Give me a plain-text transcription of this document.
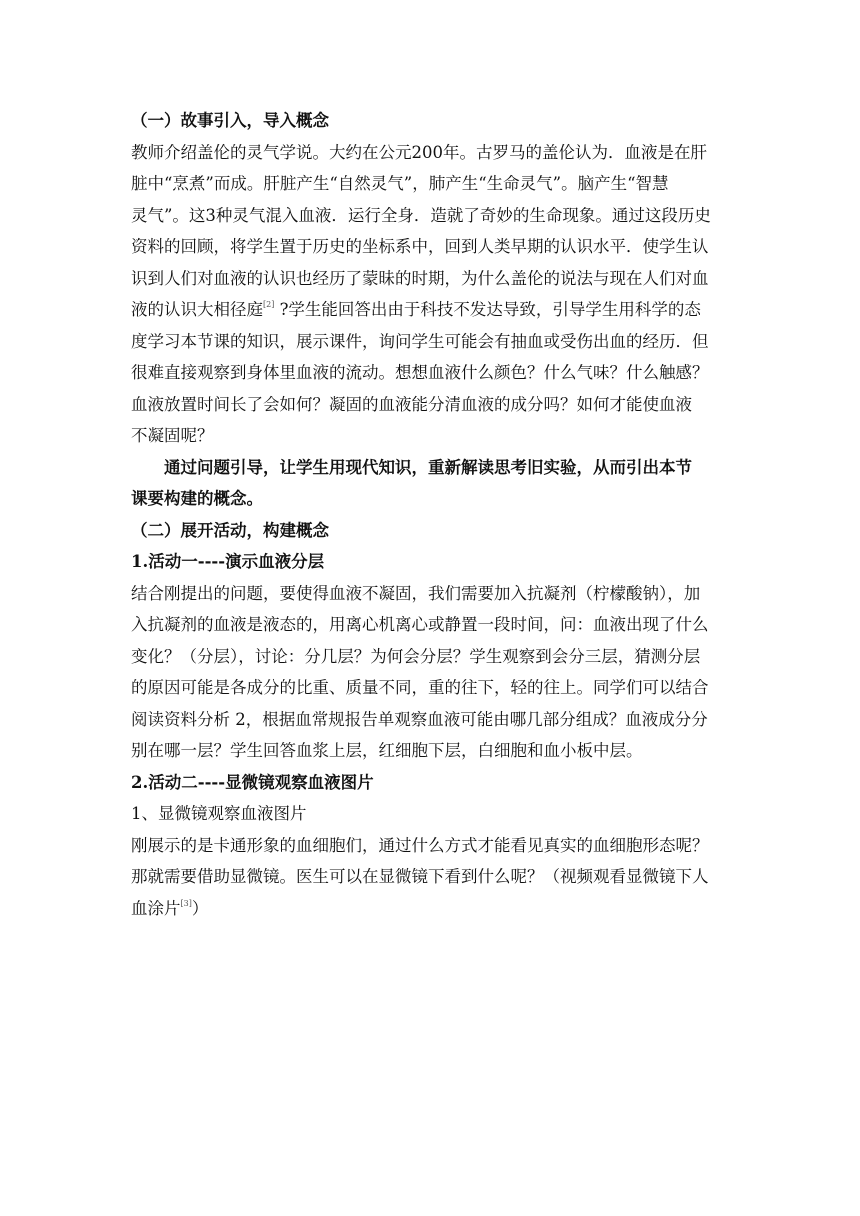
（一）故事引入，导入概念
教师介绍盖伦的灵气学说。大约在公元200年。古罗马的盖伦认为．血液是在肝
脏中“烹煮”而成。肝脏产生“自然灵气”，肺产生“生命灵气”。脑产生“智慧
灵气”。这3种灵气混入血液．运行全身．造就了奇妙的生命现象。通过这段历史
资料的回顾，将学生置于历史的坐标系中，回到人类早期的认识水平．使学生认
识到人们对血液的认识也经历了蒙昧的时期，为什么盖伦的说法与现在人们对血
液的认识大相径庭[2] ?学生能回答出由于科技不发达导致，引导学生用科学的态
度学习本节课的知识，展示课件，询问学生可能会有抽血或受伤出血的经历．但
很难直接观察到身体里血液的流动。想想血液什么颜色？什么气味？什么触感？
血液放置时间长了会如何？凝固的血液能分清血液的成分吗？如何才能使血液
不凝固呢？
通过问题引导，让学生用现代知识，重新解读思考旧实验，从而引出本节
课要构建的概念。
（二）展开活动，构建概念
1.活动一----演示血液分层
结合刚提出的问题，要使得血液不凝固，我们需要加入抗凝剂（柠檬酸钠），加
入抗凝剂的血液是液态的，用离心机离心或静置一段时间，问：血液出现了什么
变化？（分层），讨论：分几层？为何会分层？学生观察到会分三层，猜测分层
的原因可能是各成分的比重、质量不同，重的往下，轻的往上。同学们可以结合
阅读资料分析 2，根据血常规报告单观察血液可能由哪几部分组成？血液成分分
别在哪一层？学生回答血浆上层，红细胞下层，白细胞和血小板中层。
2.活动二----显微镜观察血液图片
1、显微镜观察血液图片
刚展示的是卡通形象的血细胞们，通过什么方式才能看见真实的血细胞形态呢？
那就需要借助显微镜。医生可以在显微镜下看到什么呢？（视频观看显微镜下人
血涂片[3]）
